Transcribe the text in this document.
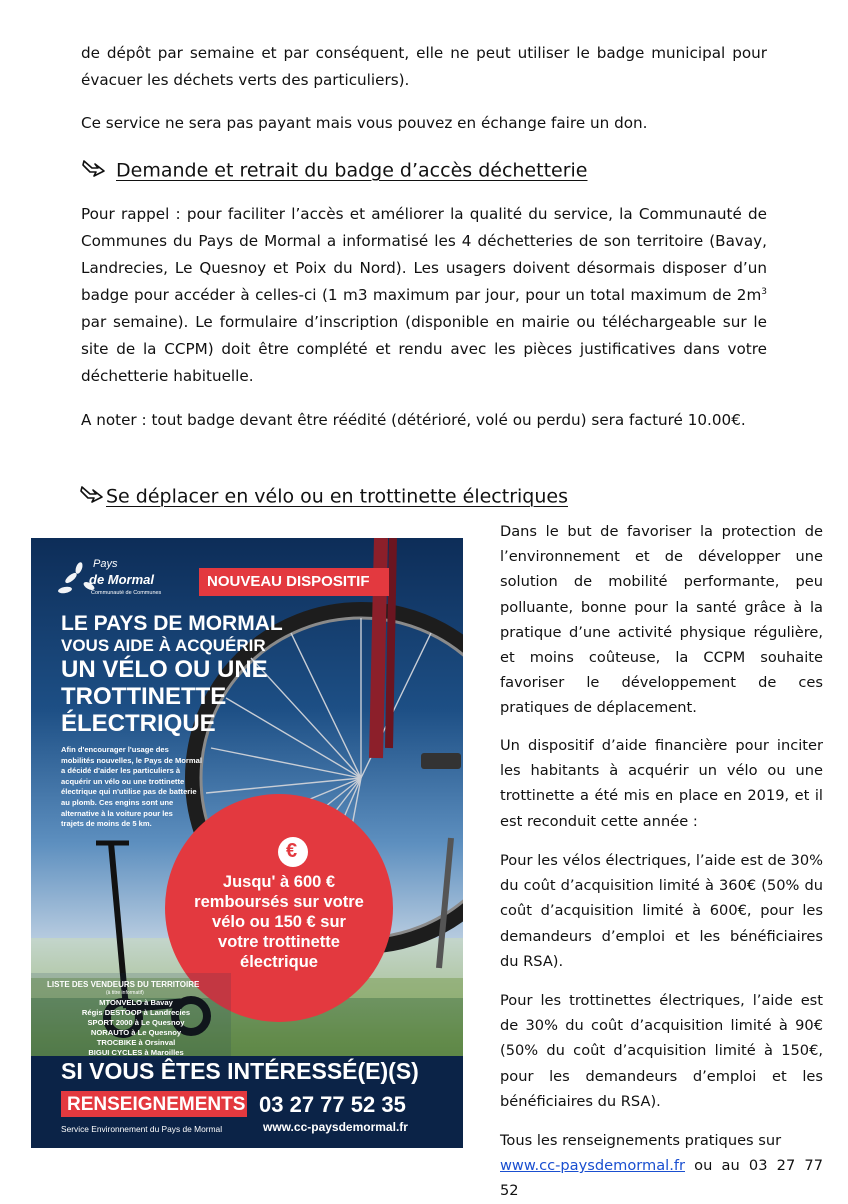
de dépôt par semaine et par conséquent, elle ne peut utiliser le badge municipal pour évacuer les déchets verts des particuliers).

Ce service ne sera pas payant mais vous pouvez en échange faire un don.

Demande et retrait du badge d’accès déchetterie

Pour rappel : pour faciliter l’accès et améliorer la qualité du service, la Communauté de Communes du Pays de Mormal a informatisé les 4 déchetteries de son territoire (Bavay, Landrecies, Le Quesnoy et Poix du Nord). Les usagers doivent désormais disposer d’un badge pour accéder à celles-ci (1 m3 maximum par jour, pour un total maximum de $2m^3$ par semaine). Le formulaire d’inscription (disponible en mairie ou téléchargeable sur le site de la CCPM) doit être complété et rendu avec les pièces justificatives dans votre déchetterie habituelle.

A noter : tout badge devant être réédité (détérioré, volé ou perdu) sera facturé 10.00€.

Se déplacer en vélo ou en trottinette électriques

Dans le but de favoriser la protection de l’environnement et de développer une solution de mobilité performante, peu polluante, bonne pour la santé grâce à la pratique d’une activité physique régulière, et moins coûteuse, la CCPM souhaite favoriser le développement de ces pratiques de déplacement.

Un dispositif d’aide financière pour inciter les habitants à acquérir un vélo ou une trottinette a été mis en place en 2019, et il est reconduit cette année :

Pour les vélos électriques, l’aide est de 30% du coût d’acquisition limité à 360€ (50% du coût d’acquisition limité à 600€, pour les demandeurs d’emploi et les bénéficiaires du RSA).

Pour les trottinettes électriques, l’aide est de 30% du coût d’acquisition limité à 90€ (50% du coût d’acquisition limité à 150€, pour les demandeurs d’emploi et les bénéficiaires du RSA).

Tous les renseignements pratiques sur
www.cc-paysdemormal.fr ou au 03 27 77 52

Pays
de Mormal
Communauté de Communes
NOUVEAU DISPOSITIF
LE PAYS DE MORMAL
VOUS AIDE À ACQUÉRIR
UN VÉLO OU UNE
TROTTINETTE
ÉLECTRIQUE
Afin d'encourager l'usage des
mobilités nouvelles, le Pays de Mormal
a décidé d'aider les particuliers à
acquérir un vélo ou une trottinette
électrique qui n'utilise pas de batterie
au plomb. Ces engins sont une
alternative à la voiture pour les
trajets de moins de 5 km.
€
Jusqu' à 600 €
remboursés sur votre
vélo ou 150 € sur
votre trottinette
électrique
LISTE DES VENDEURS DU TERRITOIRE
(à titre informatif)
MTONVELO à Bavay
Régis DESTOOP à Landrecies
SPORT 2000 à Le Quesnoy
NORAUTO à Le Quesnoy
TROCBIKE à Orsinval
BIGUI CYCLES à Maroilles
SI VOUS ÊTES INTÉRESSÉ(E)(S)
RENSEIGNEMENTS 03 27 77 52 35
Service Environnement du Pays de Mormal	www.cc-paysdemormal.fr
